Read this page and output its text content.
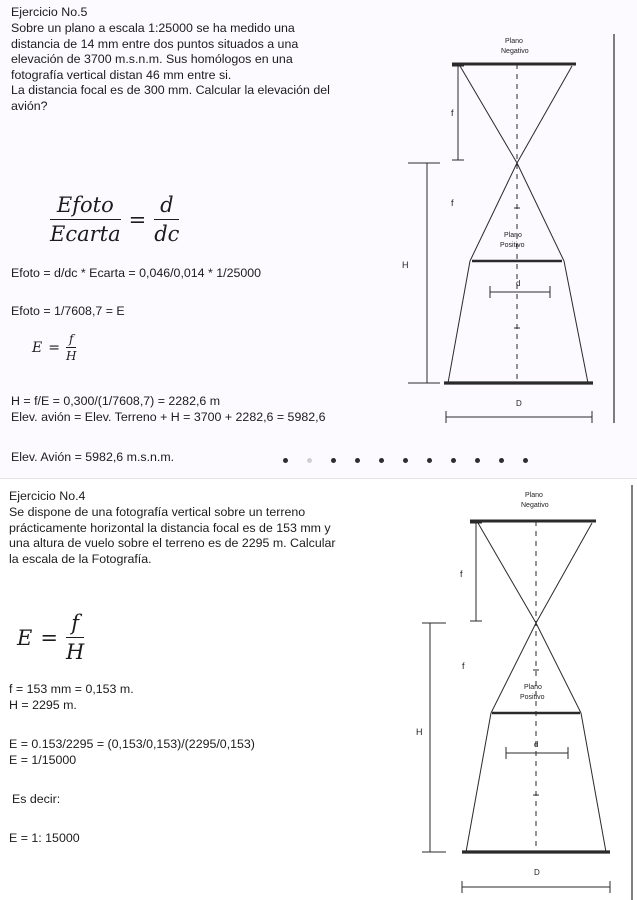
Ejercicio No.5
Sobre un plano a escala 1:25000 se ha medido una
distancia de 14 mm entre dos puntos situados a una
elevación de 3700 m.s.n.m. Sus homólogos en una
fotografía vertical distan 46 mm entre si.
La distancia focal es de 300 mm. Calcular la elevación del
avión?
Efoto
Ecarta
=
d
dc
Efoto = d/dc * Ecarta = 0,046/0,014 * 1/25000
Efoto = 1/7608,7 = E
E =
f
H
H = f/E = 0,300/(1/7608,7) = 2282,6 m
Elev. avión = Elev. Terreno + H = 3700 + 2282,6 = 5982,6
Elev. Avión = 5982,6 m.s.n.m.
Plano
Negativo
f
f
Plano
Positivo
H
d
D
Ejercicio No.4
Se dispone de una fotografía vertical sobre un terreno
prácticamente horizontal la distancia focal es de 153 mm y
una altura de vuelo sobre el terreno es de 2295 m. Calcular
la escala de la Fotografía.
E =
f
H
f = 153 mm = 0,153 m.
H = 2295 m.
E = 0.153/2295 = (0,153/0,153)/(2295/0,153)
E = 1/15000
Es decir:
E = 1: 15000
Plano
Negativo
f
f
Plano
Positivo
H
d
D
